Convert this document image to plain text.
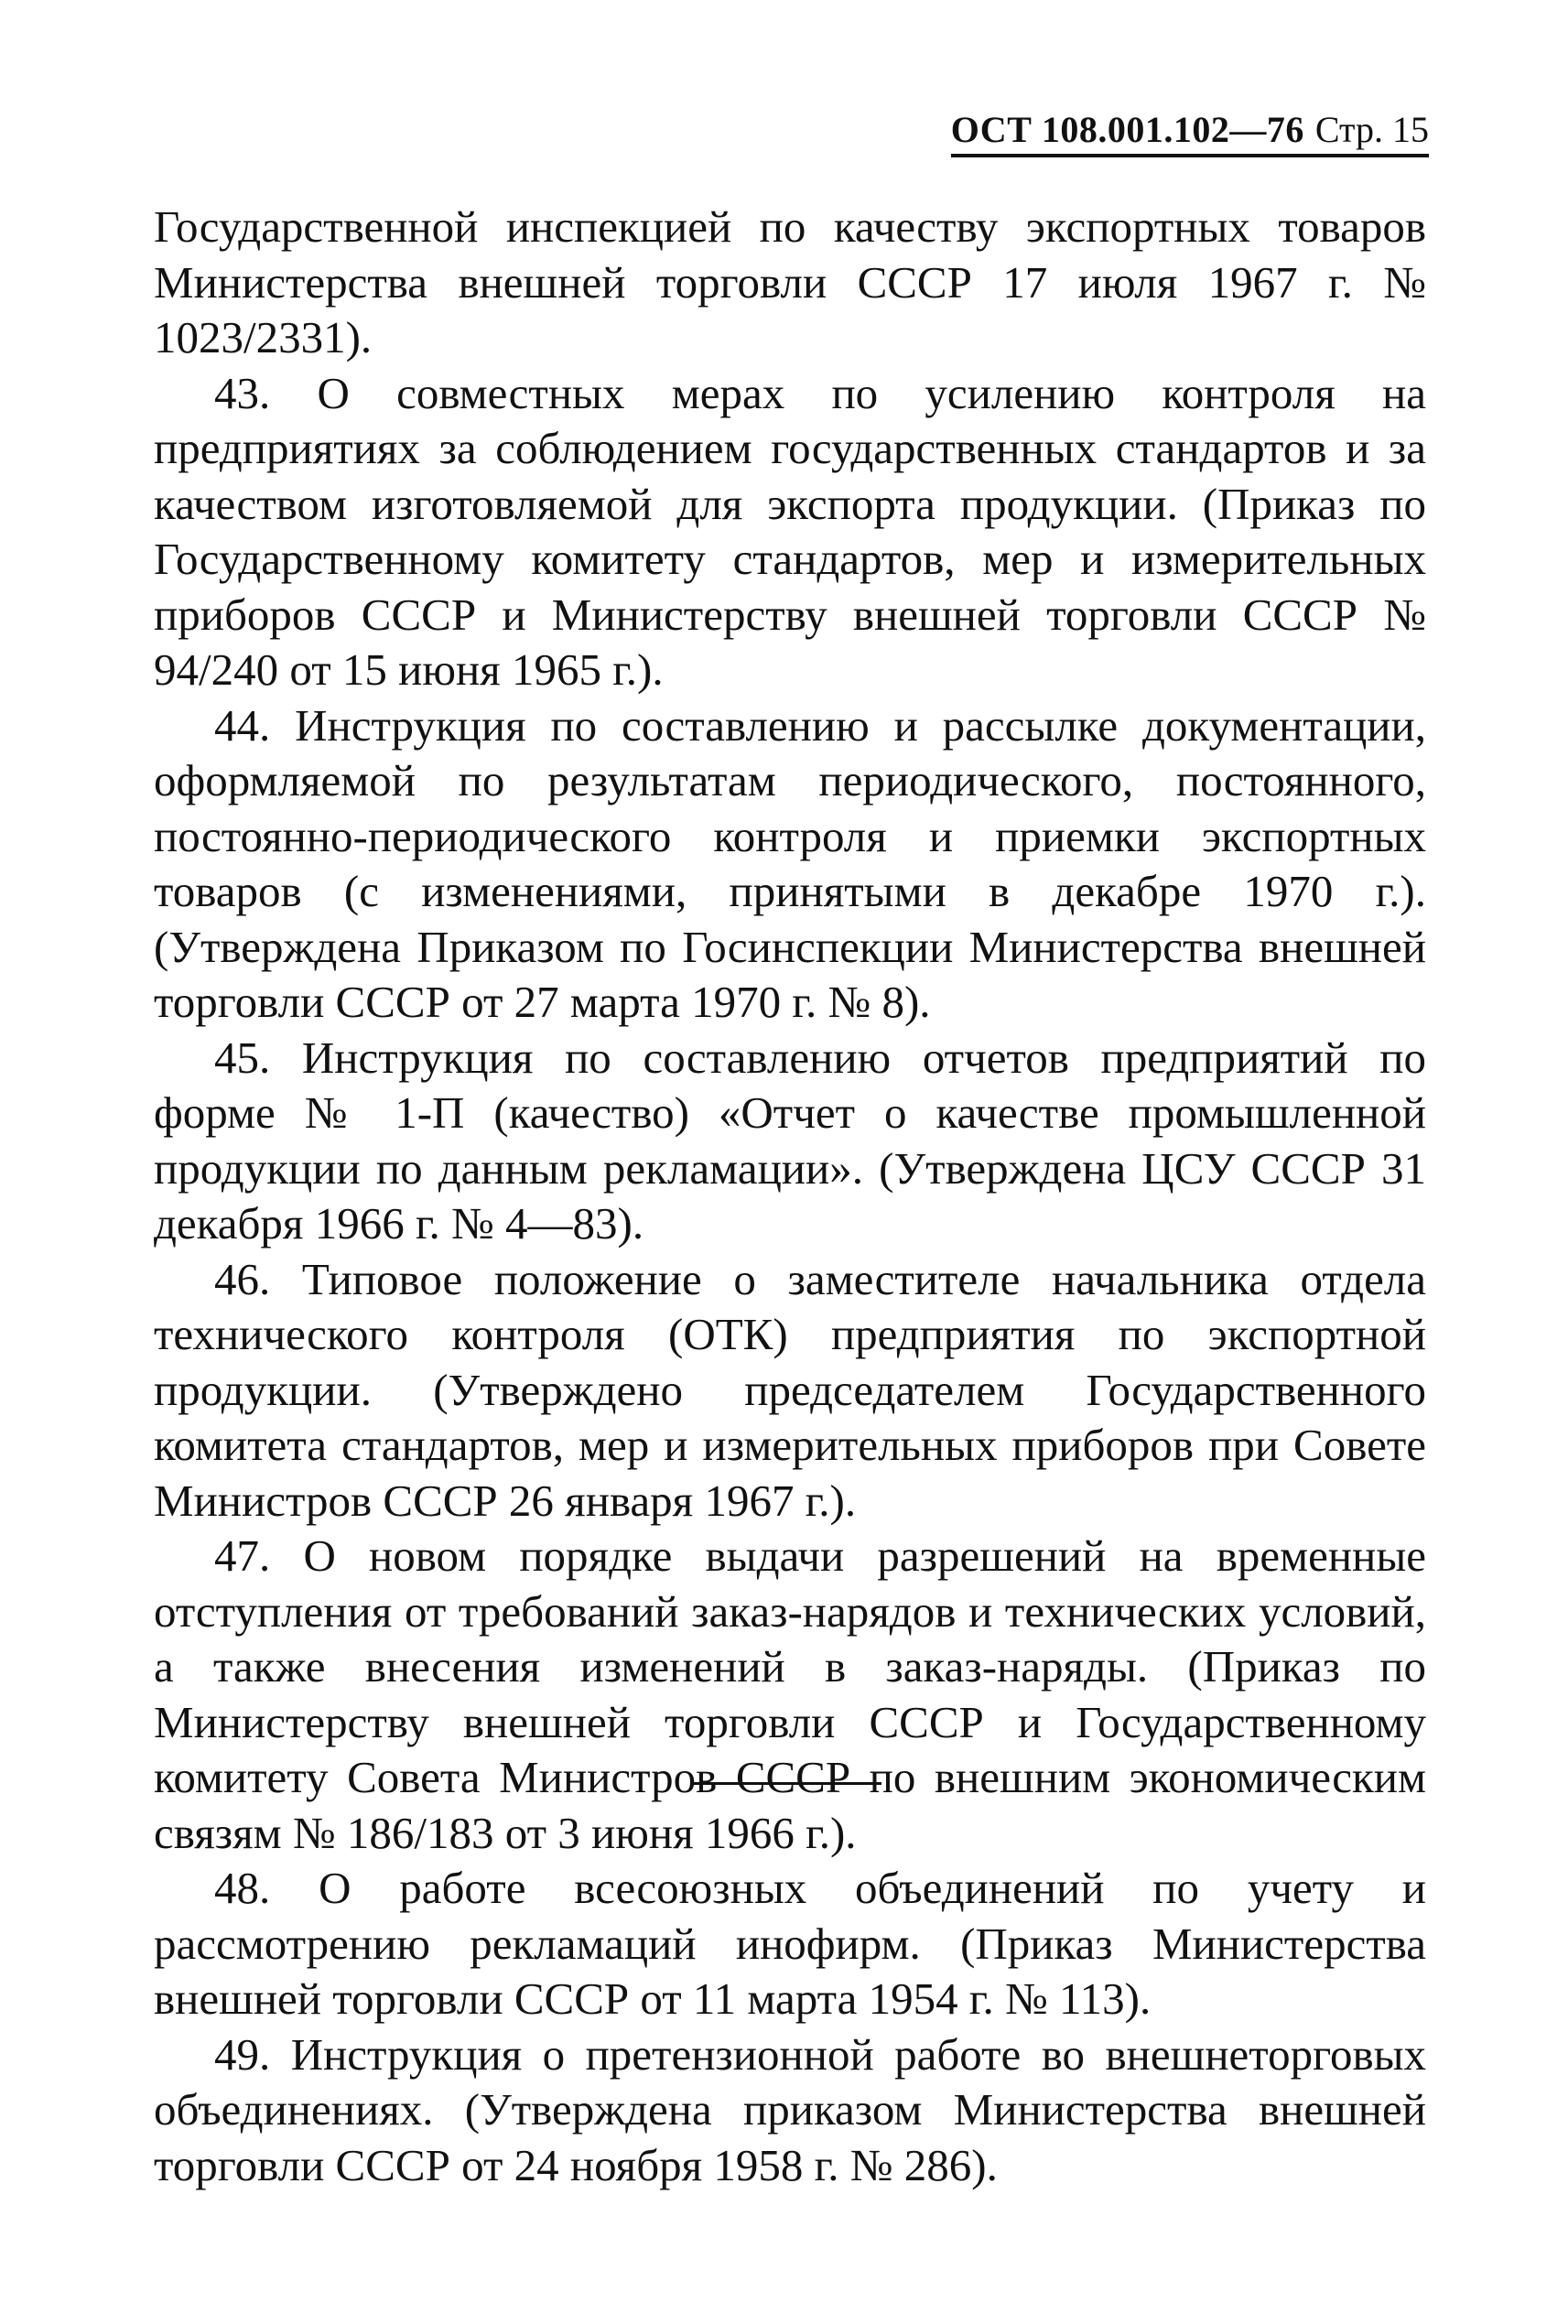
ОСТ 108.001.102—76 Стр. 15

Государственной инспекцией по качеству экспортных товаров Министерства внешней торговли СССР 17 июля 1967 г. № 1023/2331).

43. О совместных мерах по усилению контроля на предприятиях за соблюдением государственных стандартов и за качеством изготовляемой для экспорта продукции. (Приказ по Государственному комитету стандартов, мер и измерительных приборов СССР и Министерству внешней торговли СССР № 94/240 от 15 июня 1965 г.).

44. Инструкция по составлению и рассылке документации, оформляемой по результатам периодического, постоянного, постоянно-периодического контроля и приемки экспортных товаров (с изменениями, принятыми в декабре 1970 г.). (Утверждена Приказом по Госинспекции Министерства внешней торговли СССР от 27 марта 1970 г. № 8).

45. Инструкция по составлению отчетов предприятий по форме № 1-П (качество) «Отчет о качестве промышленной продукции по данным рекламации». (Утверждена ЦСУ СССР 31 декабря 1966 г. № 4—83).

46. Типовое положение о заместителе начальника отдела технического контроля (ОТК) предприятия по экспортной продукции. (Утверждено председателем Государственного комитета стандартов, мер и измерительных приборов при Совете Министров СССР 26 января 1967 г.).

47. О новом порядке выдачи разрешений на временные отступления от требований заказ-нарядов и технических условий, а также внесения изменений в заказ-наряды. (Приказ по Министерству внешней торговли СССР и Государственному комитету Совета Министров СССР по внешним экономическим связям № 186/183 от 3 июня 1966 г.).

48. О работе всесоюзных объединений по учету и рассмотрению рекламаций инофирм. (Приказ Министерства внешней торговли СССР от 11 марта 1954 г. № 113).

49. Инструкция о претензионной работе во внешнеторговых объединениях. (Утверждена приказом Министерства внешней торговли СССР от 24 ноября 1958 г. № 286).
